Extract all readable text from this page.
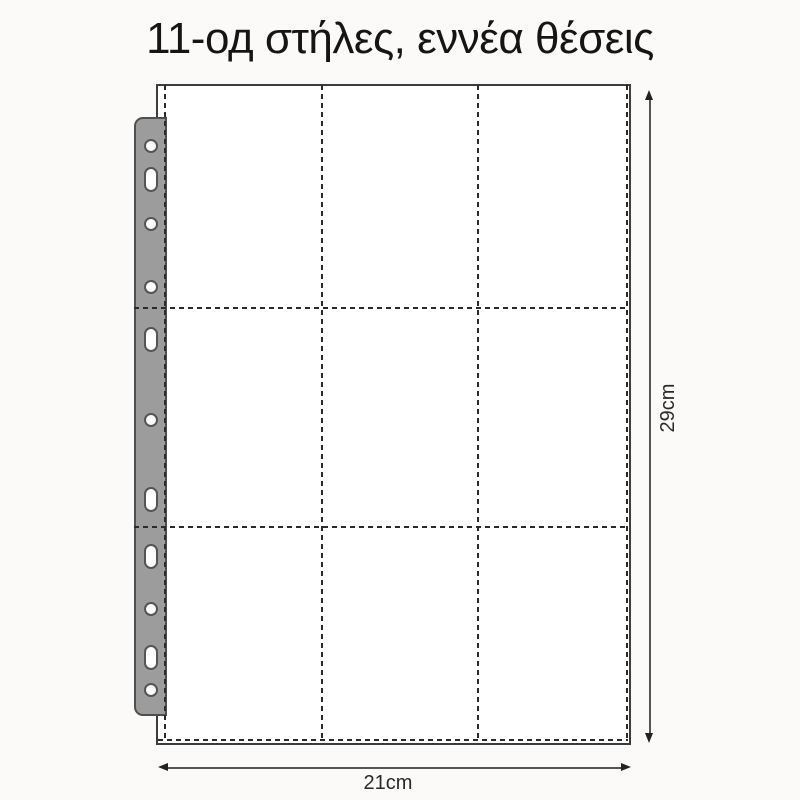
11-од στήλες, εννέα θέσεις
29cm
21cm
